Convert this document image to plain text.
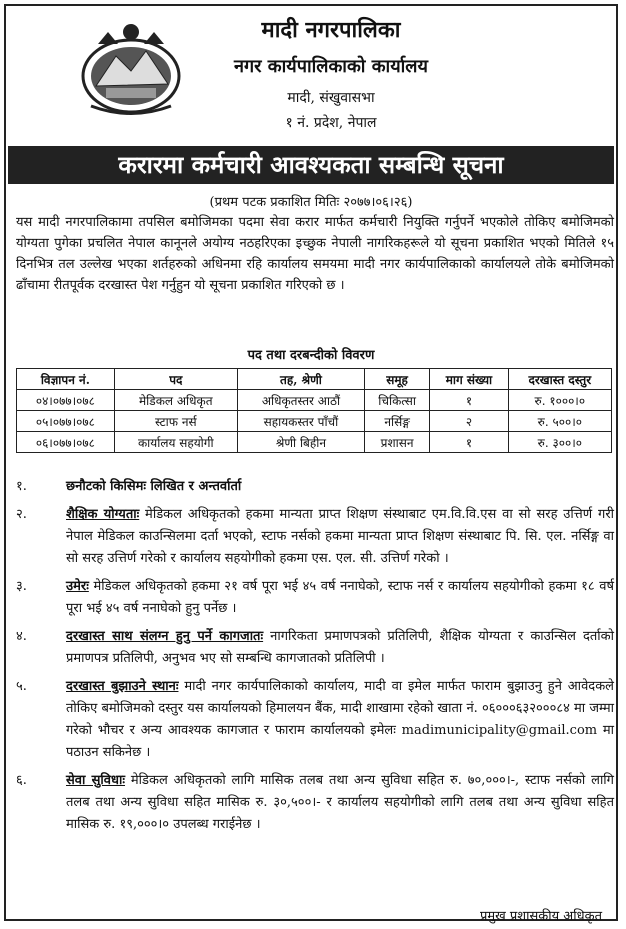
मादी नगरपालिका
नगर कार्यपालिकाको कार्यालय
मादी, संखुवासभा
१ नं. प्रदेश, नेपाल
करारमा कर्मचारी आवश्यकता सम्बन्धि सूचना
(प्रथम पटक प्रकाशित मितिः २०७७।०६।२६)
यस मादी नगरपालिकामा तपसिल बमोजिमका पदमा सेवा करार मार्फत कर्मचारी नियुक्ति गर्नुपर्ने भएकोले तोकिए बमोजिमको योग्यता पुगेका प्रचलित नेपाल कानूनले अयोग्य नठहरिएका इच्छुक नेपाली नागरिकहरूले यो सूचना प्रकाशित भएको मितिले १५ दिनभित्र तल उल्लेख भएका शर्तहरुको अधिनमा रहि कार्यालय समयमा मादी नगर कार्यपालिकाको कार्यालयले तोके बमोजिमको ढाँचामा रीतपूर्वक दरखास्त पेश गर्नुहुन यो सूचना प्रकाशित गरिएको छ ।
पद तथा दरबन्दीको विवरण
विज्ञापन नं.	पद	तह, श्रेणी	समूह	माग संख्या	दरखास्त दस्तुर
०४।०७७।०७८	मेडिकल अधिकृत	अधिकृतस्तर आठौं	चिकित्सा	१	रु. १०००।०
०५।०७७।०७८	स्टाफ नर्स	सहायकस्तर पाँचौं	नर्सिङ्ग	२	रु. ५००।०
०६।०७७।०७८	कार्यालय सहयोगी	श्रेणी बिहीन	प्रशासन	१	रु. ३००।०
१.	छनौटको किसिमः लिखित र अन्तर्वार्ता
२.	शैक्षिक योग्यताः मेडिकल अधिकृतको हकमा मान्यता प्राप्त शिक्षण संस्थाबाट एम.वि.वि.एस वा सो सरह उत्तिर्ण गरी नेपाल मेडिकल काउन्सिलमा दर्ता भएको, स्टाफ नर्सको हकमा मान्यता प्राप्त शिक्षण संस्थाबाट पि. सि. एल. नर्सिङ्ग वा सो सरह उत्तिर्ण गरेको र कार्यालय सहयोगीको हकमा एस. एल. सी. उत्तिर्ण गरेको ।
३.	उमेरः मेडिकल अधिकृतको हकमा २१ वर्ष पूरा भई ४५ वर्ष ननाघेको, स्टाफ नर्स र कार्यालय सहयोगीको हकमा १८ वर्ष पूरा भई ४५ वर्ष ननाघेको हुनु पर्नेछ ।
४.	दरखास्त साथ संलग्न हुनु पर्ने कागजातः नागरिकता प्रमाणपत्रको प्रतिलिपी, शैक्षिक योग्यता र काउन्सिल दर्ताको प्रमाणपत्र प्रतिलिपी, अनुभव भए सो सम्बन्धि कागजातको प्रतिलिपी ।
५.	दरखास्त बुझाउने स्थानः मादी नगर कार्यपालिकाको कार्यालय, मादी वा इमेल मार्फत फाराम बुझाउनु हुने आवेदकले तोकिए बमोजिमको दस्तुर यस कार्यालयको हिमालयन बैंक, मादी शाखामा रहेको खाता नं. ०६०००६३२०००८४ मा जम्मा गरेको भौचर र अन्य आवश्यक कागजात र फाराम कार्यालयको इमेलः madimunicipality@gmail.com मा पठाउन सकिनेछ ।
६.	सेवा सुविधाः मेडिकल अधिकृतको लागि मासिक तलब तथा अन्य सुविधा सहित रु. ७०,०००।-, स्टाफ नर्सको लागि तलब तथा अन्य सुविधा सहित मासिक रु. ३०,५००।- र कार्यालय सहयोगीको लागि तलब तथा अन्य सुविधा सहित मासिक रु. १९,०००।० उपलब्ध गराईनेछ ।
प्रमुख प्रशासकीय अधिकृत
